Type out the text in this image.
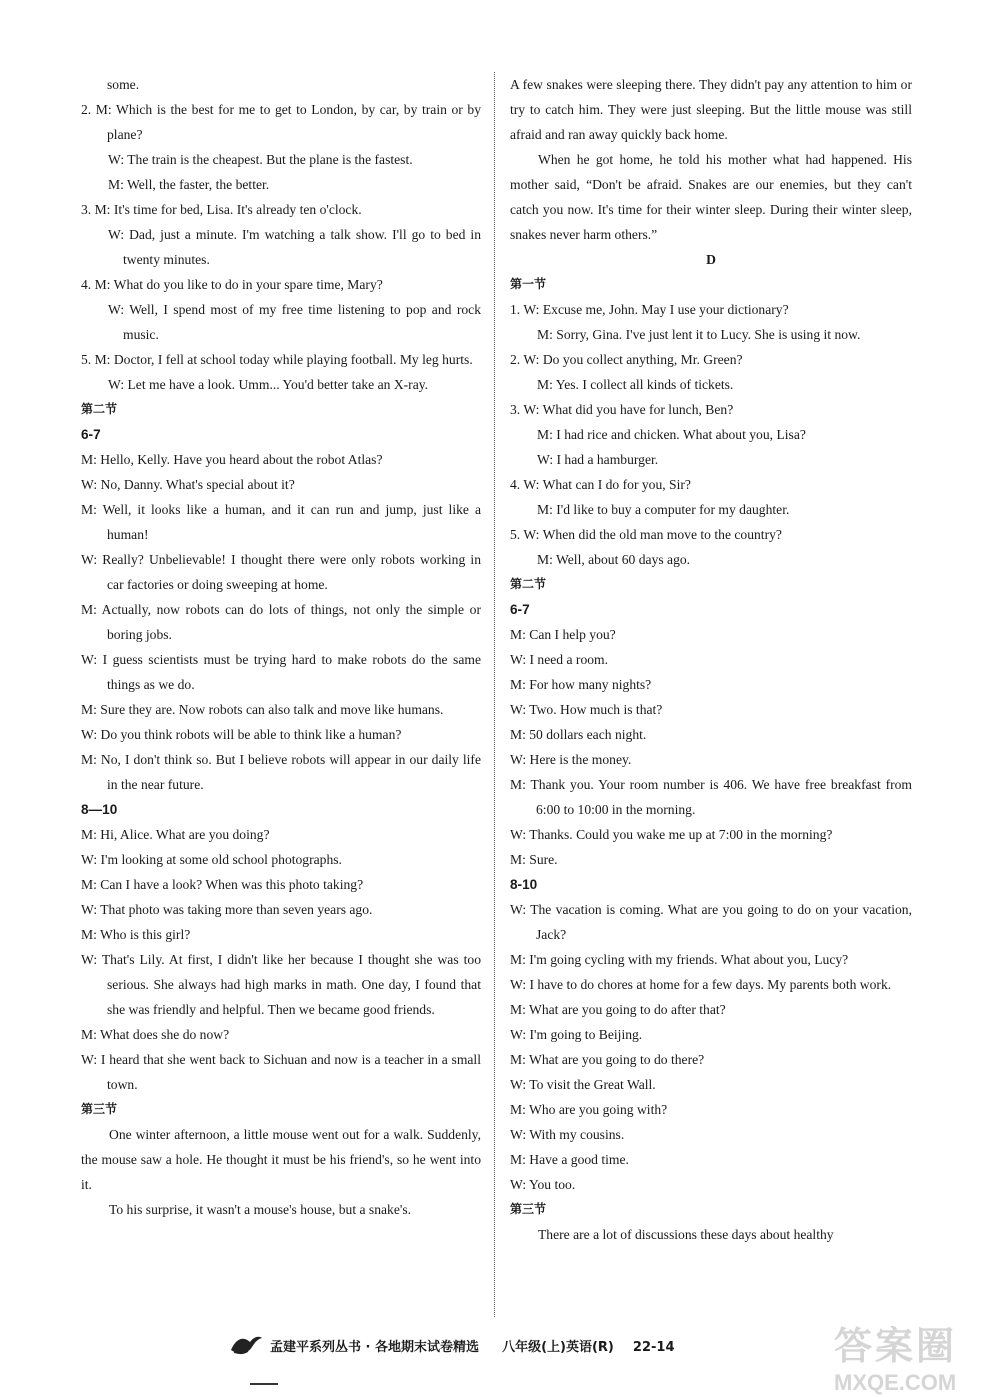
some.

2. M: Which is the best for me to get to London, by car, by train or by plane?

W: The train is the cheapest. But the plane is the fastest.

M: Well, the faster, the better.

3. M: It's time for bed, Lisa. It's already ten o'clock.

W: Dad, just a minute. I'm watching a talk show. I'll go to bed in twenty minutes.

4. M: What do you like to do in your spare time, Mary?

W: Well, I spend most of my free time listening to pop and rock music.

5. M: Doctor, I fell at school today while playing football. My leg hurts.

W: Let me have a look. Umm... You'd better take an X-ray.

第二节

6-7

M: Hello, Kelly. Have you heard about the robot Atlas?

W: No, Danny. What's special about it?

M: Well, it looks like a human, and it can run and jump, just like a human!

W: Really? Unbelievable! I thought there were only robots working in car factories or doing sweeping at home.

M: Actually, now robots can do lots of things, not only the simple or boring jobs.

W: I guess scientists must be trying hard to make robots do the same things as we do.

M: Sure they are. Now robots can also talk and move like humans.

W: Do you think robots will be able to think like a human?

M: No, I don't think so. But I believe robots will appear in our daily life in the near future.

8—10

M: Hi, Alice. What are you doing?

W: I'm looking at some old school photographs.

M: Can I have a look? When was this photo taking?

W: That photo was taking more than seven years ago.

M: Who is this girl?

W: That's Lily. At first, I didn't like her because I thought she was too serious. She always had high marks in math. One day, I found that she was friendly and helpful. Then we became good friends.

M: What does she do now?

W: I heard that she went back to Sichuan and now is a teacher in a small town.

第三节

One winter afternoon, a little mouse went out for a walk. Suddenly, the mouse saw a hole. He thought it must be his friend's, so he went into it.

To his surprise, it wasn't a mouse's house, but a snake's.

A few snakes were sleeping there. They didn't pay any attention to him or try to catch him. They were just sleeping. But the little mouse was still afraid and ran away quickly back home.

When he got home, he told his mother what had happened. His mother said, “Don't be afraid. Snakes are our enemies, but they can't catch you now. It's time for their winter sleep. During their winter sleep, snakes never harm others.”

D

第一节

1. W: Excuse me, John. May I use your dictionary?

M: Sorry, Gina. I've just lent it to Lucy. She is using it now.

2. W: Do you collect anything, Mr. Green?

M: Yes. I collect all kinds of tickets.

3. W: What did you have for lunch, Ben?

M: I had rice and chicken. What about you, Lisa?

W: I had a hamburger.

4. W: What can I do for you, Sir?

M: I'd like to buy a computer for my daughter.

5. W: When did the old man move to the country?

M: Well, about 60 days ago.

第二节

6-7

M: Can I help you?

W: I need a room.

M: For how many nights?

W: Two. How much is that?

M: 50 dollars each night.

W: Here is the money.

M: Thank you. Your room number is 406. We have free breakfast from 6:00 to 10:00 in the morning.

W: Thanks. Could you wake me up at 7:00 in the morning?

M: Sure.

8-10

W: The vacation is coming. What are you going to do on your vacation, Jack?

M: I'm going cycling with my friends. What about you, Lucy?

W: I have to do chores at home for a few days. My parents both work.

M: What are you going to do after that?

W: I'm going to Beijing.

M: What are you going to do there?

W: To visit the Great Wall.

M: Who are you going with?

W: With my cousins.

M: Have a good time.

W: You too.

第三节

There are a lot of discussions these days about healthy

孟建平系列丛书 · 各地期末试卷精选 八年级(上)英语(R) 22-14	答案圈
MXQE.COM
